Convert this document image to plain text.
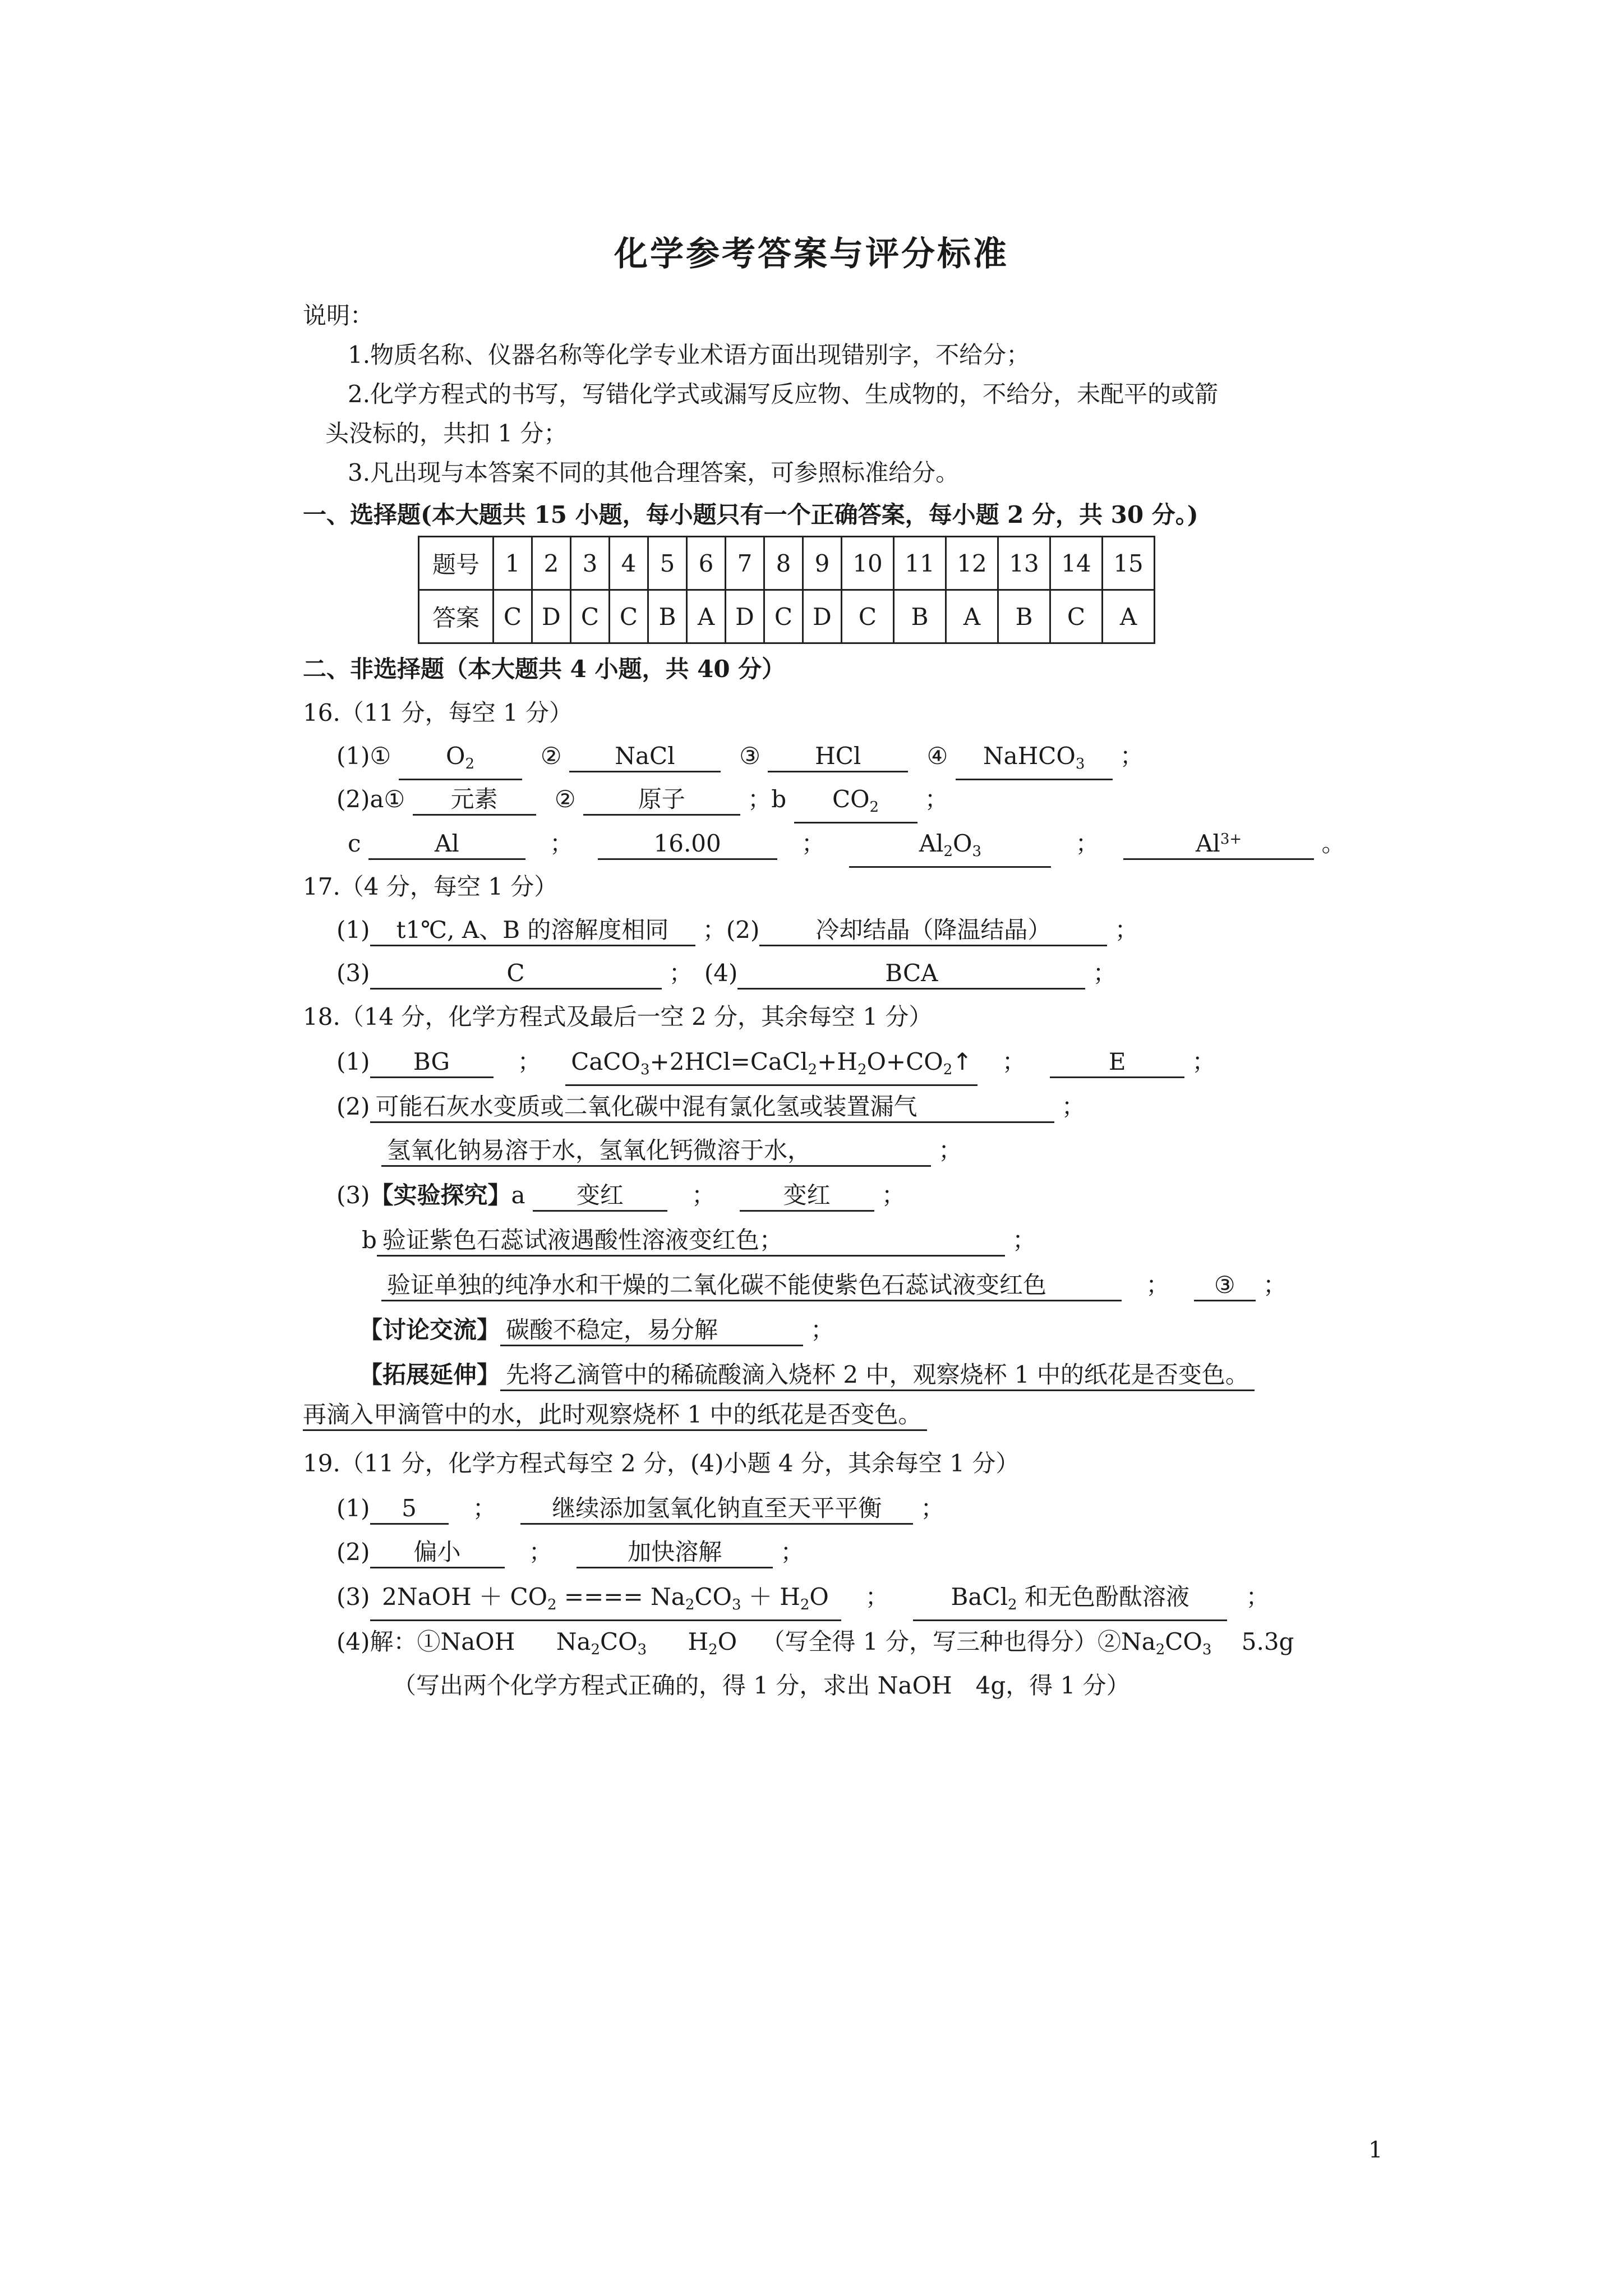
化学参考答案与评分标准
说明：
1.物质名称、仪器名称等化学专业术语方面出现错别字，不给分；
2.化学方程式的书写，写错化学式或漏写反应物、生成物的，不给分，未配平的或箭
头没标的，共扣 1 分；
3.凡出现与本答案不同的其他合理答案，可参照标准给分。
一、选择题(本大题共 15 小题，每小题只有一个正确答案，每小题 2 分，共 30 分。)
题号	1	2	3	4	5	6	7	8	9	10	11	12	13	14	15
答案	C	D	C	C	B	A	D	C	D	C	B	A	B	C	A
二、非选择题（本大题共 4 小题，共 40 分）
16.（11 分，每空 1 分）
(1)① $O_2$	② NaCl	③ HCl	④ NaHCO$_3$ ；
(2)a① 元素 ②	原子	；b $CO_2$ ；
c	Al	；	16.00	；	$Al_2O_3$	；	$Al^{3+}$	。
17.（4 分，每空 1 分）
(1) t1℃, A、B 的溶解度相同 ；(2) 冷却结晶（降温结晶）	；
(3)	C	；　(4)	BCA	；
18.（14 分，化学方程式及最后一空 2 分，其余每空 1 分）
(1) BG	； $CaCO_3+2HCl=CaCl_2+H_2O+CO_2↑$ ；	E	；
(2) 可能石灰水变质或二氧化碳中混有氯化氢或装置漏气	；
氢氧化钠易溶于水，氢氧化钙微溶于水，	；
(3)【实验探究】a 变红	；	变红 ；
b 验证紫色石蕊试液遇酸性溶液变红色；	；
验证单独的纯净水和干燥的二氧化碳不能使紫色石蕊试液变红色	； ③ ；
【讨论交流】 碳酸不稳定，易分解	；
【拓展延伸】 先将乙滴管中的稀硫酸滴入烧杯 2 中，观察烧杯 1 中的纸花是否变色。
再滴入甲滴管中的水，此时观察烧杯 1 中的纸花是否变色。
19.（11 分，化学方程式每空 2 分，(4)小题 4 分，其余每空 1 分）
(1) 5 ； 继续添加氢氧化钠直至天平平衡 ；
(2) 偏小	；	加快溶解 ；
(3) 2NaOH ＋ $CO_2$ ==== $Na_2CO_3 + H_2O$ ；	BaCl$_2$ 和无色酚酞溶液 ；
(4)解：①NaOH $Na_2CO_3$ $H_2O$ （写全得 1 分，写三种也得分）$②Na_2CO_3$ 5.3g
（写出两个化学方程式正确的，得 1 分，求出 NaOH　4g，得 1 分）
1
